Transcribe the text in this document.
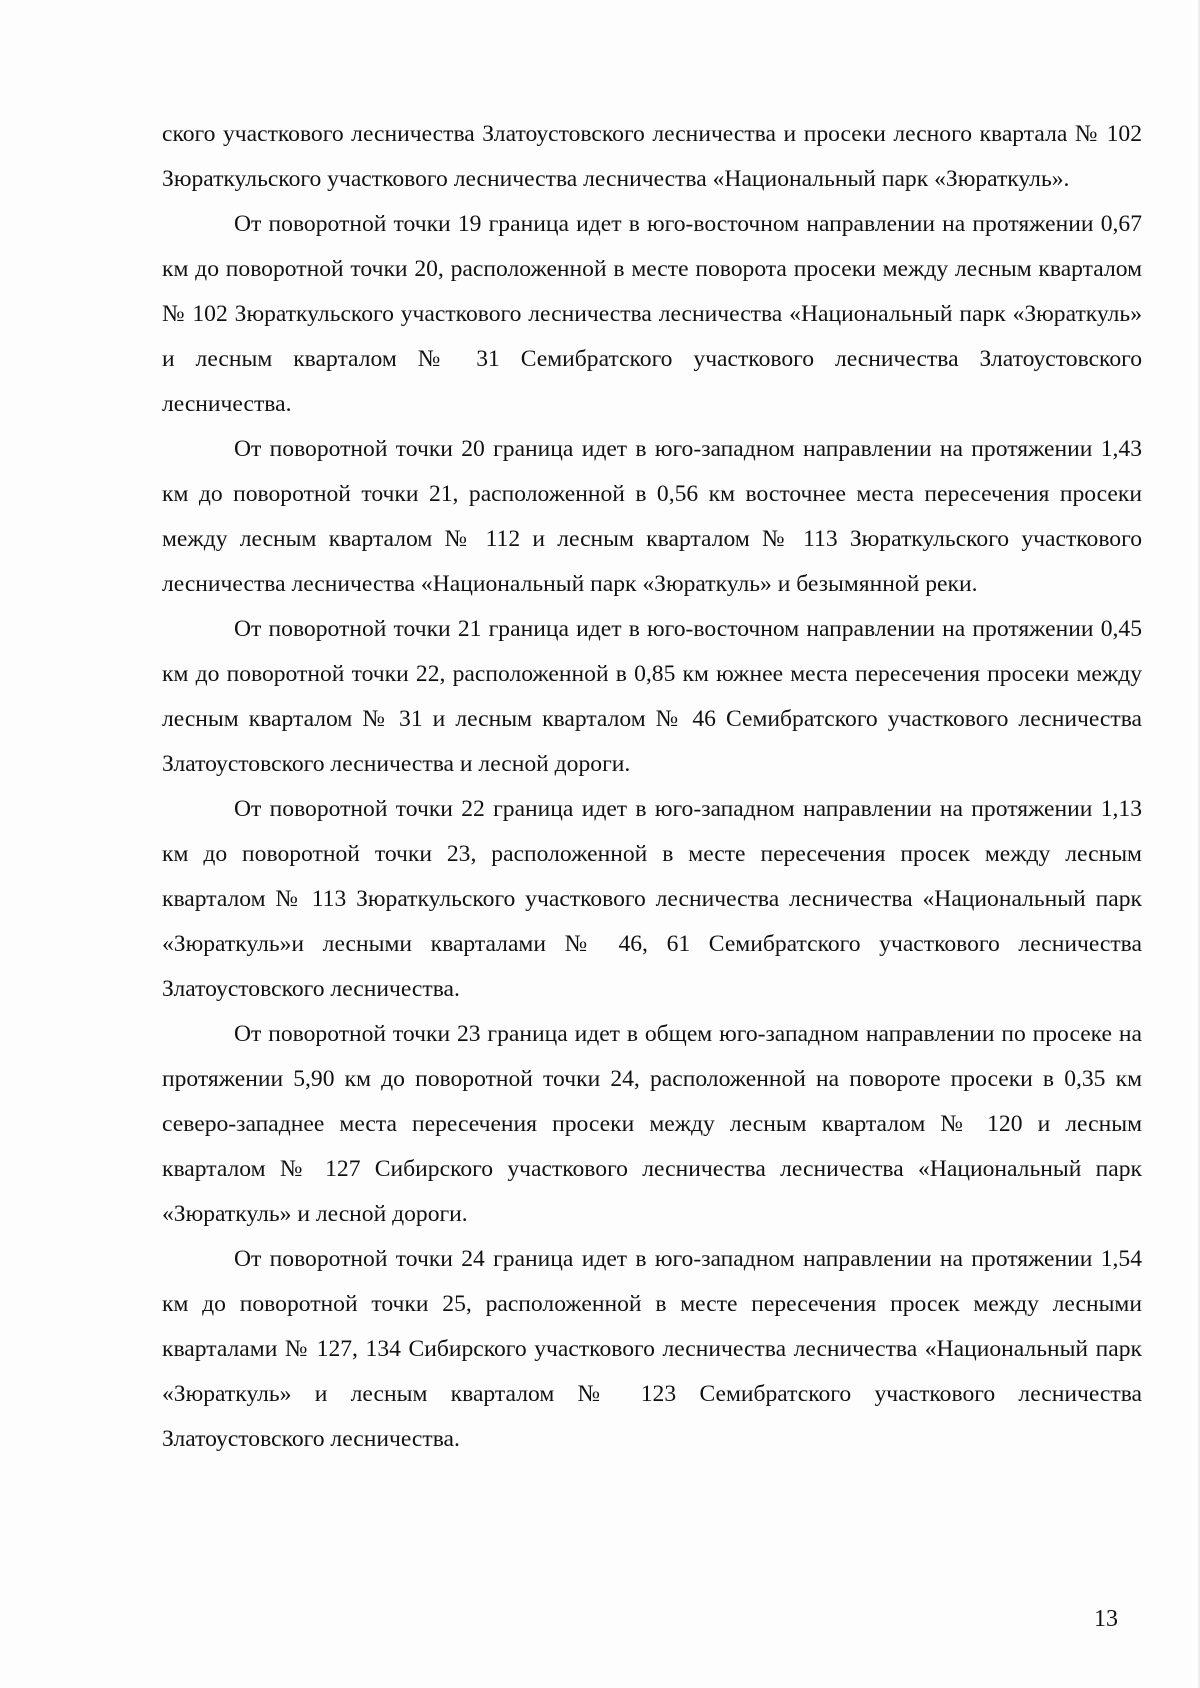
ского участкового лесничества Златоустовского лесничества и просеки лесного квартала № 102 Зюраткульского участкового лесничества лесничества «Национальный парк «Зюраткуль».

От поворотной точки 19 граница идет в юго-восточном направлении на протяжении 0,67 км до поворотной точки 20, расположенной в месте поворота просеки между лесным кварталом № 102 Зюраткульского участкового лесничества лесничества «Национальный парк «Зюраткуль» и лесным кварталом № 31 Семибратского участкового лесничества Златоустовского лесничества.

От поворотной точки 20 граница идет в юго-западном направлении на протяжении 1,43 км до поворотной точки 21, расположенной в 0,56 км восточнее места пересечения просеки между лесным кварталом № 112 и лесным кварталом № 113 Зюраткульского участкового лесничества лесничества «Национальный парк «Зюраткуль» и безымянной реки.

От поворотной точки 21 граница идет в юго-восточном направлении на протяжении 0,45 км до поворотной точки 22, расположенной в 0,85 км южнее места пересечения просеки между лесным кварталом № 31 и лесным кварталом № 46 Семибратского участкового лесничества Златоустовского лесничества и лесной дороги.

От поворотной точки 22 граница идет в юго-западном направлении на протяжении 1,13 км до поворотной точки 23, расположенной в месте пересечения просек между лесным кварталом № 113 Зюраткульского участкового лесничества лесничества «Национальный парк «Зюраткуль»и лесными кварталами № 46, 61 Семибратского участкового лесничества Златоустовского лесничества.

От поворотной точки 23 граница идет в общем юго-западном направлении по просеке на протяжении 5,90 км до поворотной точки 24, расположенной на повороте просеки в 0,35 км северо-западнее места пересечения просеки между лесным кварталом № 120 и лесным кварталом № 127 Сибирского участкового лесничества лесничества «Национальный парк «Зюраткуль» и лесной дороги.

От поворотной точки 24 граница идет в юго-западном направлении на протяжении 1,54 км до поворотной точки 25, расположенной в месте пересечения просек между лесными кварталами № 127, 134 Сибирского участкового лесничества лесничества «Национальный парк «Зюраткуль» и лесным кварталом № 123 Семибратского участкового лесничества Златоустовского лесничества.

13
